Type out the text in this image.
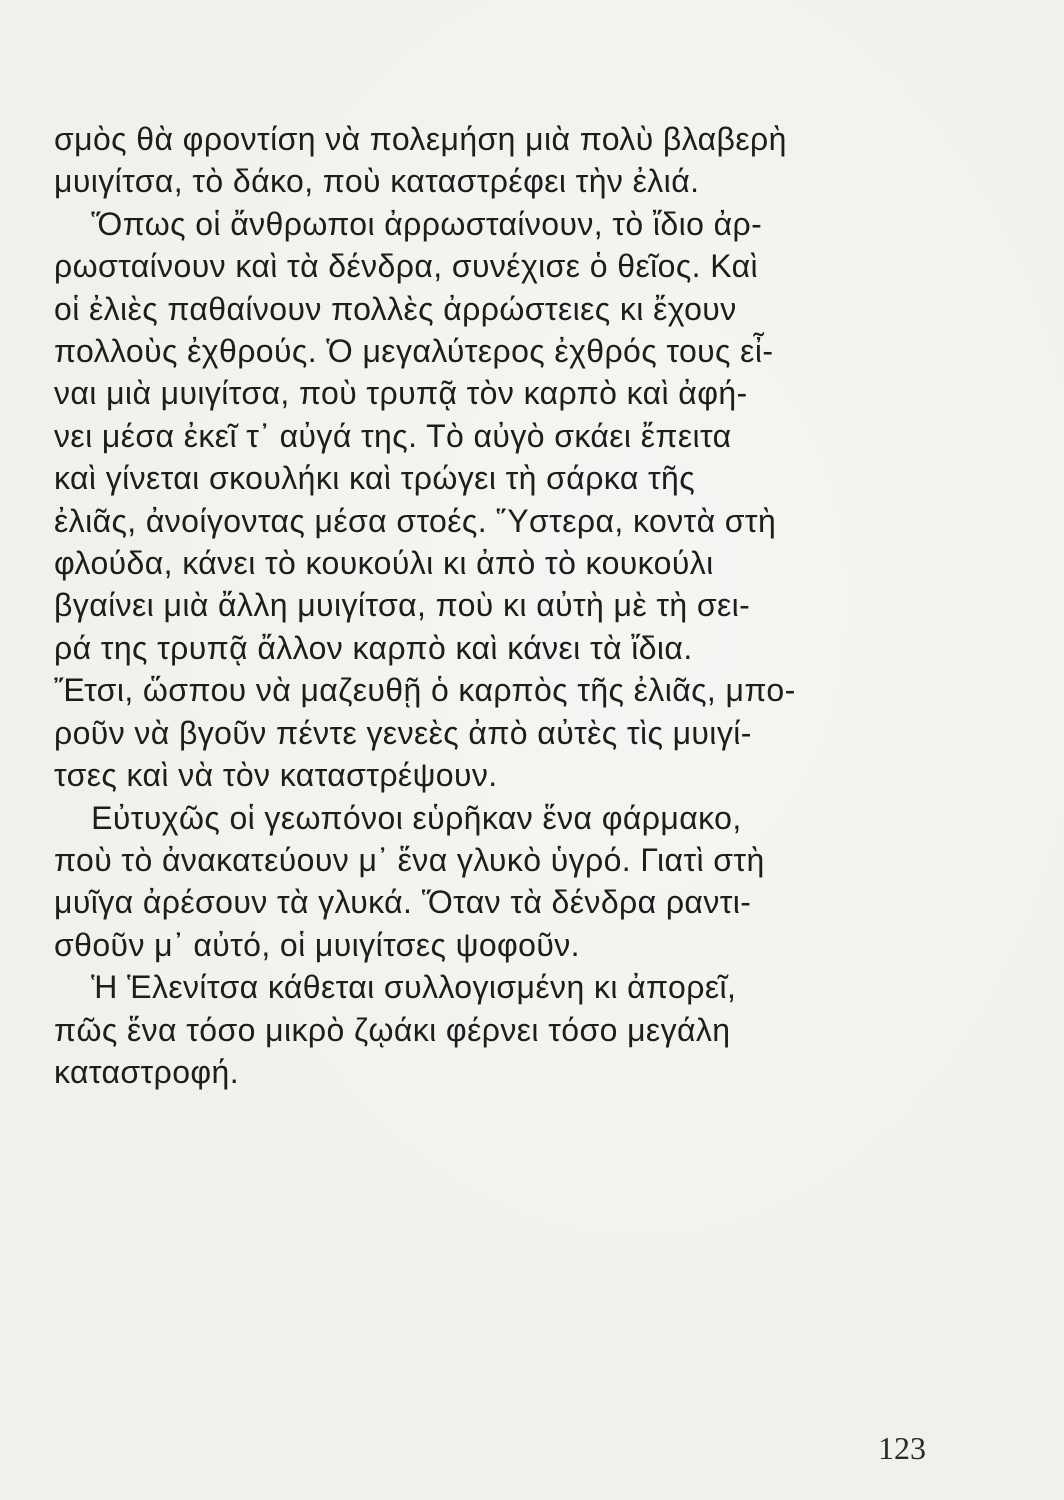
σμὸς θὰ φροντίση νὰ πολεμήση μιὰ πολὺ βλαβερὴ
μυιγίτσα, τὸ δάκο, ποὺ καταστρέφει τὴν ἐλιά.
Ὅπως οἱ ἄνθρωποι ἀρρωσταίνουν, τὸ ἴδιο ἀρ-
ρωσταίνουν καὶ τὰ δένδρα, συνέχισε ὁ θεῖος. Καὶ
οἱ ἐλιὲς παθαίνουν πολλὲς ἀρρώστειες κι ἔχουν
πολλοὺς ἐχθρούς. Ὁ μεγαλύτερος ἐχθρός τους εἶ-
ναι μιὰ μυιγίτσα, ποὺ τρυπᾷ τὸν καρπὸ καὶ ἀφή-
νει μέσα ἐκεῖ τ᾽ αὐγά της. Τὸ αὐγὸ σκάει ἔπειτα
καὶ γίνεται σκουλήκι καὶ τρώγει τὴ σάρκα τῆς
ἐλιᾶς, ἀνοίγοντας μέσα στοές. Ὕστερα, κοντὰ στὴ
φλούδα, κάνει τὸ κουκούλι κι ἀπὸ τὸ κουκούλι
βγαίνει μιὰ ἄλλη μυιγίτσα, ποὺ κι αὐτὴ μὲ τὴ σει-
ρά της τρυπᾷ ἄλλον καρπὸ καὶ κάνει τὰ ἴδια.
Ἔτσι, ὥσπου νὰ μαζευθῇ ὁ καρπὸς τῆς ἐλιᾶς, μπο-
ροῦν νὰ βγοῦν πέντε γενεὲς ἀπὸ αὐτὲς τὶς μυιγί-
τσες καὶ νὰ τὸν καταστρέψουν.
Εὐτυχῶς οἱ γεωπόνοι εὑρῆκαν ἕνα φάρμακο,
ποὺ τὸ ἀνακατεύουν μ᾽ ἕνα γλυκὸ ὑγρό. Γιατὶ στὴ
μυῖγα ἀρέσουν τὰ γλυκά. Ὅταν τὰ δένδρα ραντι-
σθοῦν μ᾽ αὐτό, οἱ μυιγίτσες ψοφοῦν.
Ἡ Ἑλενίτσα κάθεται συλλογισμένη κι ἀπορεῖ,
πῶς ἕνα τόσο μικρὸ ζῳάκι φέρνει τόσο μεγάλη
καταστροφή.
123
